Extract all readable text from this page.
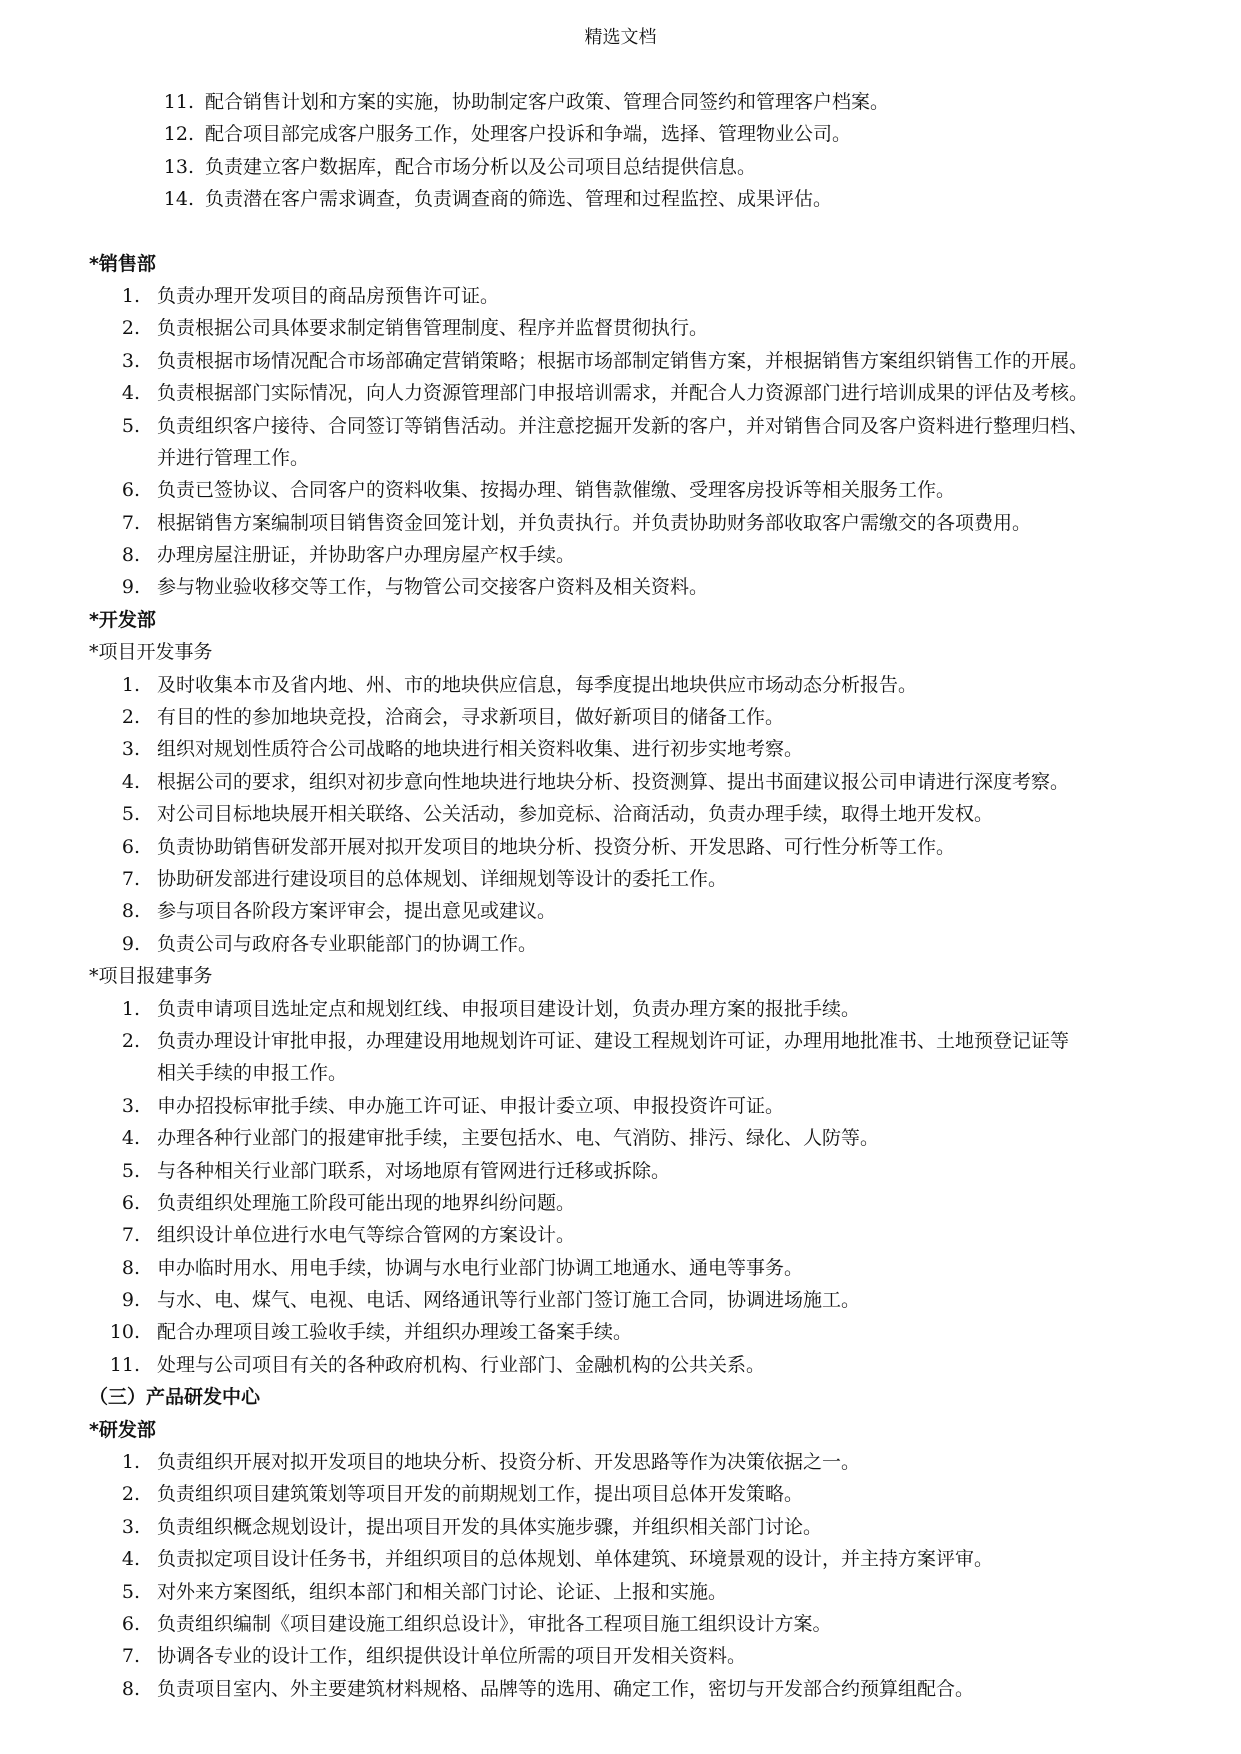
精选文档
11. 配合销售计划和方案的实施，协助制定客户政策、管理合同签约和管理客户档案。
12. 配合项目部完成客户服务工作，处理客户投诉和争端，选择、管理物业公司。
13. 负责建立客户数据库，配合市场分析以及公司项目总结提供信息。
14. 负责潜在客户需求调查，负责调查商的筛选、管理和过程监控、成果评估。
*销售部
1. 负责办理开发项目的商品房预售许可证。
2. 负责根据公司具体要求制定销售管理制度、程序并监督贯彻执行。
3. 负责根据市场情况配合市场部确定营销策略；根据市场部制定销售方案，并根据销售方案组织销售工作的开展。
4. 负责根据部门实际情况，向人力资源管理部门申报培训需求，并配合人力资源部门进行培训成果的评估及考核。
5. 负责组织客户接待、合同签订等销售活动。并注意挖掘开发新的客户，并对销售合同及客户资料进行整理归档、
并进行管理工作。
6. 负责已签协议、合同客户的资料收集、按揭办理、销售款催缴、受理客房投诉等相关服务工作。
7. 根据销售方案编制项目销售资金回笼计划，并负责执行。并负责协助财务部收取客户需缴交的各项费用。
8. 办理房屋注册证，并协助客户办理房屋产权手续。
9. 参与物业验收移交等工作，与物管公司交接客户资料及相关资料。
*开发部
*项目开发事务
1. 及时收集本市及省内地、州、市的地块供应信息，每季度提出地块供应市场动态分析报告。
2. 有目的性的参加地块竞投，洽商会，寻求新项目，做好新项目的储备工作。
3. 组织对规划性质符合公司战略的地块进行相关资料收集、进行初步实地考察。
4. 根据公司的要求，组织对初步意向性地块进行地块分析、投资测算、提出书面建议报公司申请进行深度考察。
5. 对公司目标地块展开相关联络、公关活动，参加竞标、洽商活动，负责办理手续，取得土地开发权。
6. 负责协助销售研发部开展对拟开发项目的地块分析、投资分析、开发思路、可行性分析等工作。
7. 协助研发部进行建设项目的总体规划、详细规划等设计的委托工作。
8. 参与项目各阶段方案评审会，提出意见或建议。
9. 负责公司与政府各专业职能部门的协调工作。
*项目报建事务
1. 负责申请项目选址定点和规划红线、申报项目建设计划，负责办理方案的报批手续。
2. 负责办理设计审批申报，办理建设用地规划许可证、建设工程规划许可证，办理用地批准书、土地预登记证等
相关手续的申报工作。
3. 申办招投标审批手续、申办施工许可证、申报计委立项、申报投资许可证。
4. 办理各种行业部门的报建审批手续，主要包括水、电、气消防、排污、绿化、人防等。
5. 与各种相关行业部门联系，对场地原有管网进行迁移或拆除。
6. 负责组织处理施工阶段可能出现的地界纠纷问题。
7. 组织设计单位进行水电气等综合管网的方案设计。
8. 申办临时用水、用电手续，协调与水电行业部门协调工地通水、通电等事务。
9. 与水、电、煤气、电视、电话、网络通讯等行业部门签订施工合同，协调进场施工。
10. 配合办理项目竣工验收手续，并组织办理竣工备案手续。
11. 处理与公司项目有关的各种政府机构、行业部门、金融机构的公共关系。
（三）产品研发中心
*研发部
1. 负责组织开展对拟开发项目的地块分析、投资分析、开发思路等作为决策依据之一。
2. 负责组织项目建筑策划等项目开发的前期规划工作，提出项目总体开发策略。
3. 负责组织概念规划设计，提出项目开发的具体实施步骤，并组织相关部门讨论。
4. 负责拟定项目设计任务书，并组织项目的总体规划、单体建筑、环境景观的设计，并主持方案评审。
5. 对外来方案图纸，组织本部门和相关部门讨论、论证、上报和实施。
6. 负责组织编制《项目建设施工组织总设计》，审批各工程项目施工组织设计方案。
7. 协调各专业的设计工作，组织提供设计单位所需的项目开发相关资料。
8. 负责项目室内、外主要建筑材料规格、品牌等的选用、确定工作，密切与开发部合约预算组配合。
